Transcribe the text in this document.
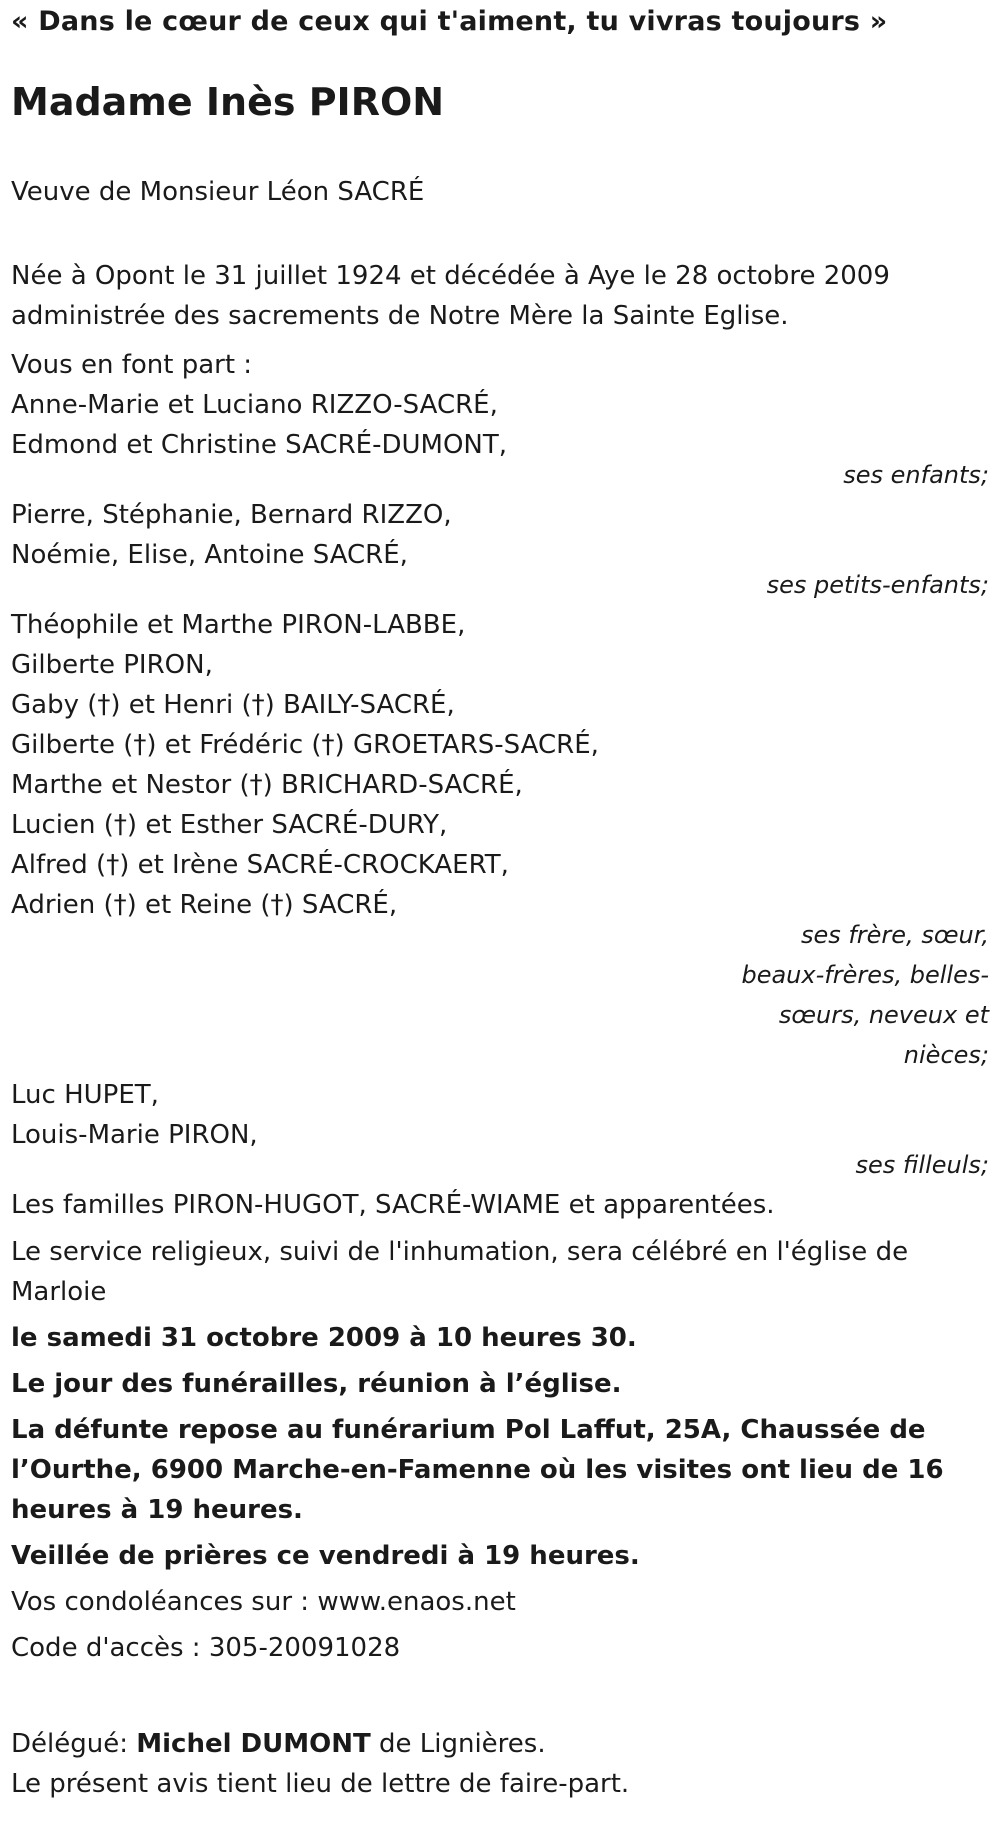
« Dans le cœur de ceux qui t'aiment, tu vivras toujours »
Madame Inès PIRON
Veuve de Monsieur Léon SACRÉ
Née à Opont le 31 juillet 1924 et décédée à Aye le 28 octobre 2009
administrée des sacrements de Notre Mère la Sainte Eglise.
Vous en font part :
Anne-Marie et Luciano RIZZO-SACRÉ,
Edmond et Christine SACRÉ-DUMONT,
ses enfants;
Pierre, Stéphanie, Bernard RIZZO,
Noémie, Elise, Antoine SACRÉ,
ses petits-enfants;
Théophile et Marthe PIRON-LABBE,
Gilberte PIRON,
Gaby (†) et Henri (†) BAILY-SACRÉ,
Gilberte (†) et Frédéric (†) GROETARS-SACRÉ,
Marthe et Nestor (†) BRICHARD-SACRÉ,
Lucien (†) et Esther SACRÉ-DURY,
Alfred (†) et Irène SACRÉ-CROCKAERT,
Adrien (†) et Reine (†) SACRÉ,
ses frère, sœur, beaux-frères, belles-sœurs, neveux et nièces;
Luc HUPET,
Louis-Marie PIRON,
ses filleuls;
Les familles PIRON-HUGOT, SACRÉ-WIAME et apparentées.
Le service religieux, suivi de l'inhumation, sera célébré en l'église de Marloie
le samedi 31 octobre 2009 à 10 heures 30.
Le jour des funérailles, réunion à l’église.
La défunte repose au funérarium Pol Laffut, 25A, Chaussée de l’Ourthe, 6900 Marche-en-Famenne où les visites ont lieu de 16 heures à 19 heures.
Veillée de prières ce vendredi à 19 heures.
Vos condoléances sur : www.enaos.net
Code d'accès : 305-20091028
Délégué: Michel DUMONT de Lignières.
Le présent avis tient lieu de lettre de faire-part.
